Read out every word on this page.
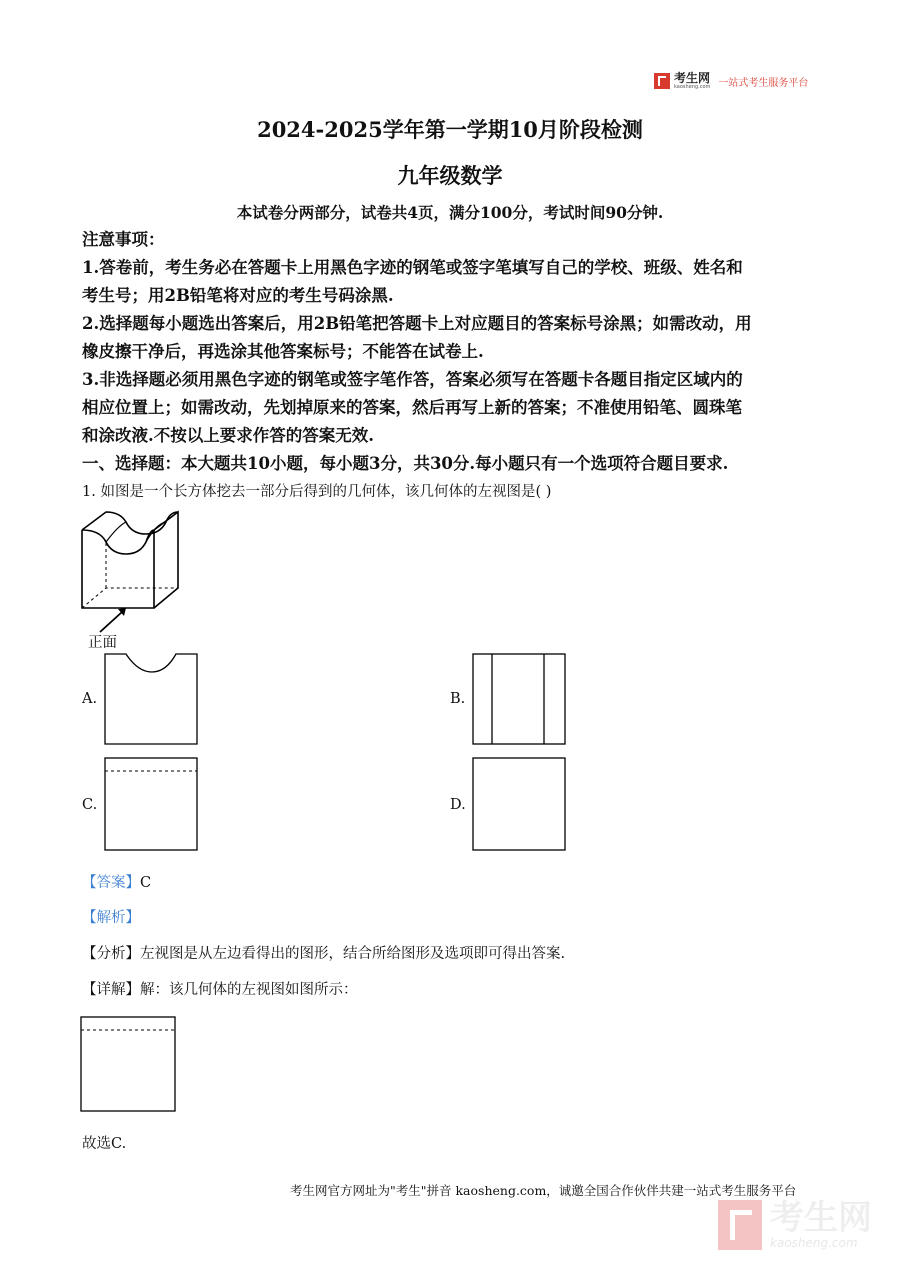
考生网
kaosheng.com 一站式考生服务平台
2024-2025学年第一学期10月阶段检测
九年级数学
本试卷分两部分，试卷共4页，满分100分，考试时间90分钟.
注意事项：
1.答卷前，考生务必在答题卡上用黑色字迹的钢笔或签字笔填写自己的学校、班级、姓名和
考生号；用2B铅笔将对应的考生号码涂黑.
2.选择题每小题选出答案后，用2B铅笔把答题卡上对应题目的答案标号涂黑；如需改动，用
橡皮擦干净后，再选涂其他答案标号；不能答在试卷上.
3.非选择题必须用黑色字迹的钢笔或签字笔作答，答案必须写在答题卡各题目指定区域内的
相应位置上；如需改动，先划掉原来的答案，然后再写上新的答案；不准使用铅笔、圆珠笔
和涂改液.不按以上要求作答的答案无效.
一、选择题：本大题共10小题，每小题3分，共30分.每小题只有一个选项符合题目要求.
1. 如图是一个长方体挖去一部分后得到的几何体，该几何体的左视图是( )
正面
A.	B.
C.	D.
【答案】C
【解析】
【分析】左视图是从左边看得出的图形，结合所给图形及选项即可得出答案.
【详解】解：该几何体的左视图如图所示：
故选C.
考生网官方网址为"考生"拼音 kaosheng.com，诚邀全国合作伙伴共建一站式考生服务平台
考生网
kaosheng.com
